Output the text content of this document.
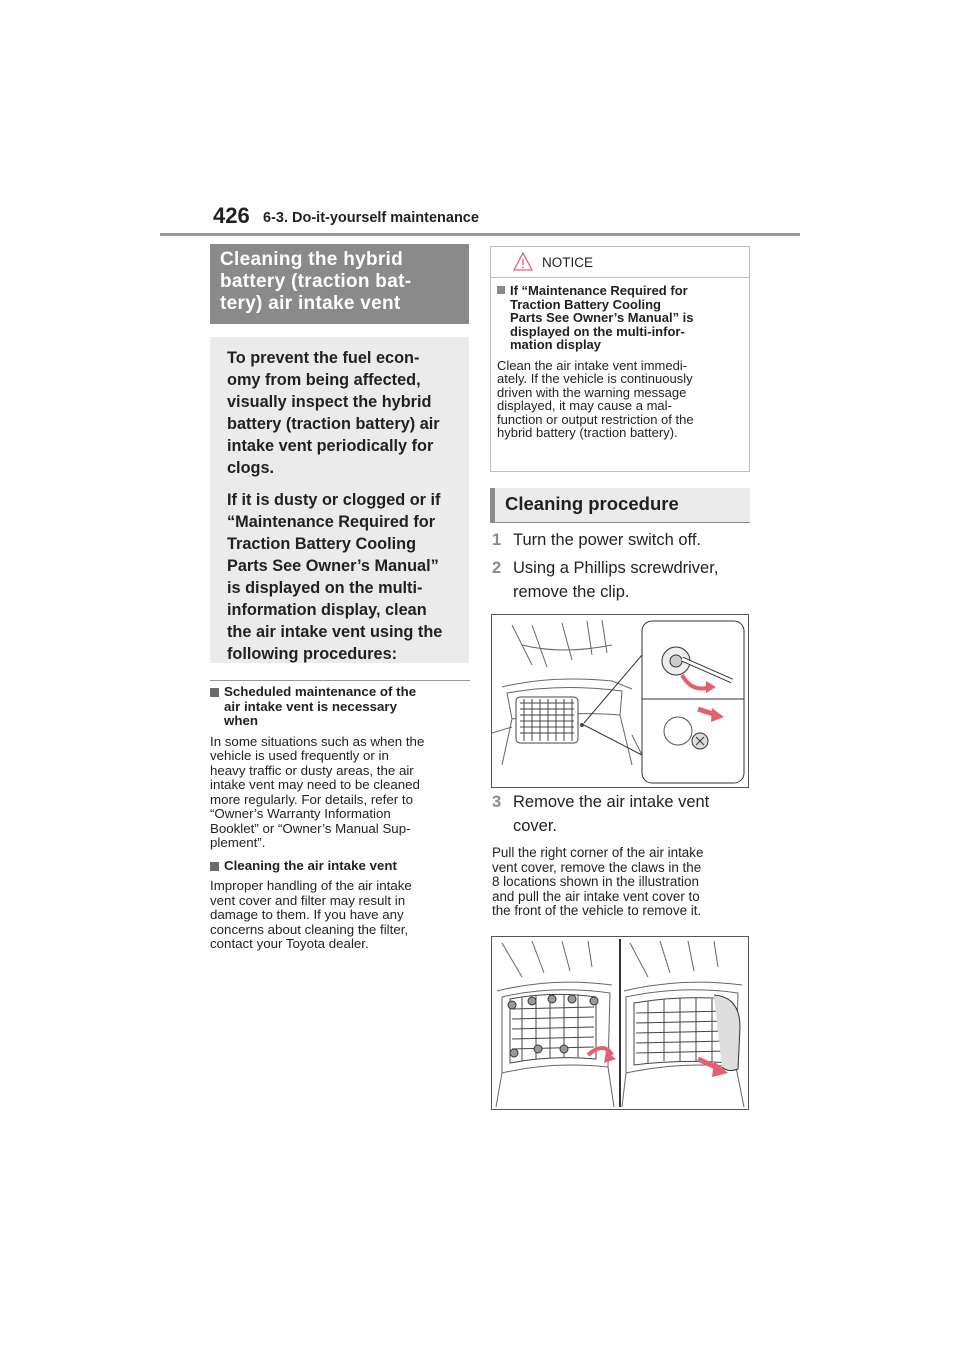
426 6-3. Do-it-yourself maintenance
Cleaning the hybrid
battery (traction bat-
tery) air intake vent

To prevent the fuel econ-
omy from being affected,
visually inspect the hybrid
battery (traction battery) air
intake vent periodically for
clogs.

If it is dusty or clogged or if
“Maintenance Required for
Traction Battery Cooling
Parts See Owner’s Manual”
is displayed on the multi-
information display, clean
the air intake vent using the
following procedures:

Scheduled maintenance of the
air intake vent is necessary
when
In some situations such as when the
vehicle is used frequently or in
heavy traffic or dusty areas, the air
intake vent may need to be cleaned
more regularly. For details, refer to
“Owner’s Warranty Information
Booklet” or “Owner’s Manual Sup-
plement”.
Cleaning the air intake vent
Improper handling of the air intake
vent cover and filter may result in
damage to them. If you have any
concerns about cleaning the filter,
contact your Toyota dealer.
NOTICE
If “Maintenance Required for
Traction Battery Cooling
Parts See Owner’s Manual” is
displayed on the multi-infor-
mation display
Clean the air intake vent immedi-
ately. If the vehicle is continuously
driven with the warning message
displayed, it may cause a mal-
function or output restriction of the
hybrid battery (traction battery).
Cleaning procedure
1 Turn the power switch off.
2 Using a Phillips screwdriver,
remove the clip.
3 Remove the air intake vent
cover.
Pull the right corner of the air intake
vent cover, remove the claws in the
8 locations shown in the illustration
and pull the air intake vent cover to
the front of the vehicle to remove it.
